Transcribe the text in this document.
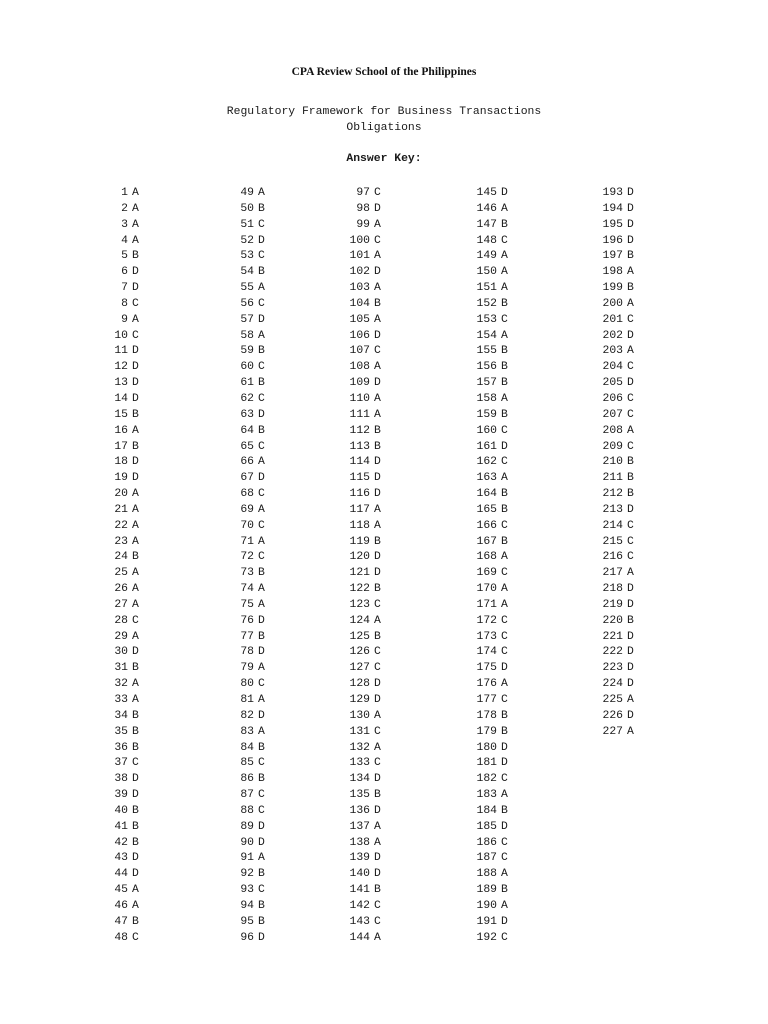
CPA Review School of the Philippines
Regulatory Framework for Business Transactions
Obligations
Answer Key:
1 A
2 A
3 A
4 A
5 B
6 D
7 D
8 C
9 A
10 C
11 D
12 D
13 D
14 D
15 B
16 A
17 B
18 D
19 D
20 A
21 A
22 A
23 A
24 B
25 A
26 A
27 A
28 C
29 A
30 D
31 B
32 A
33 A
34 B
35 B
36 B
37 C
38 D
39 D
40 B
41 B
42 B
43 D
44 D
45 A
46 A
47 B
48 C
49 A
50 B
51 C
52 D
53 C
54 B
55 A
56 C
57 D
58 A
59 B
60 C
61 B
62 C
63 D
64 B
65 C
66 A
67 D
68 C
69 A
70 C
71 A
72 C
73 B
74 A
75 A
76 D
77 B
78 D
79 A
80 C
81 A
82 D
83 A
84 B
85 C
86 B
87 C
88 C
89 D
90 D
91 A
92 B
93 C
94 B
95 B
96 D
97 C
98 D
99 A
100 C
101 A
102 D
103 A
104 B
105 A
106 D
107 C
108 A
109 D
110 A
111 A
112 B
113 B
114 D
115 D
116 D
117 A
118 A
119 B
120 D
121 D
122 B
123 C
124 A
125 B
126 C
127 C
128 D
129 D
130 A
131 C
132 A
133 C
134 D
135 B
136 D
137 A
138 A
139 D
140 D
141 B
142 C
143 C
144 A
145 D
146 A
147 B
148 C
149 A
150 A
151 A
152 B
153 C
154 A
155 B
156 B
157 B
158 A
159 B
160 C
161 D
162 C
163 A
164 B
165 B
166 C
167 B
168 A
169 C
170 A
171 A
172 C
173 C
174 C
175 D
176 A
177 C
178 B
179 B
180 D
181 D
182 C
183 A
184 B
185 D
186 C
187 C
188 A
189 B
190 A
191 D
192 C
193 D
194 D
195 D
196 D
197 B
198 A
199 B
200 A
201 C
202 D
203 A
204 C
205 D
206 C
207 C
208 A
209 C
210 B
211 B
212 B
213 D
214 C
215 C
216 C
217 A
218 D
219 D
220 B
221 D
222 D
223 D
224 D
225 A
226 D
227 A
